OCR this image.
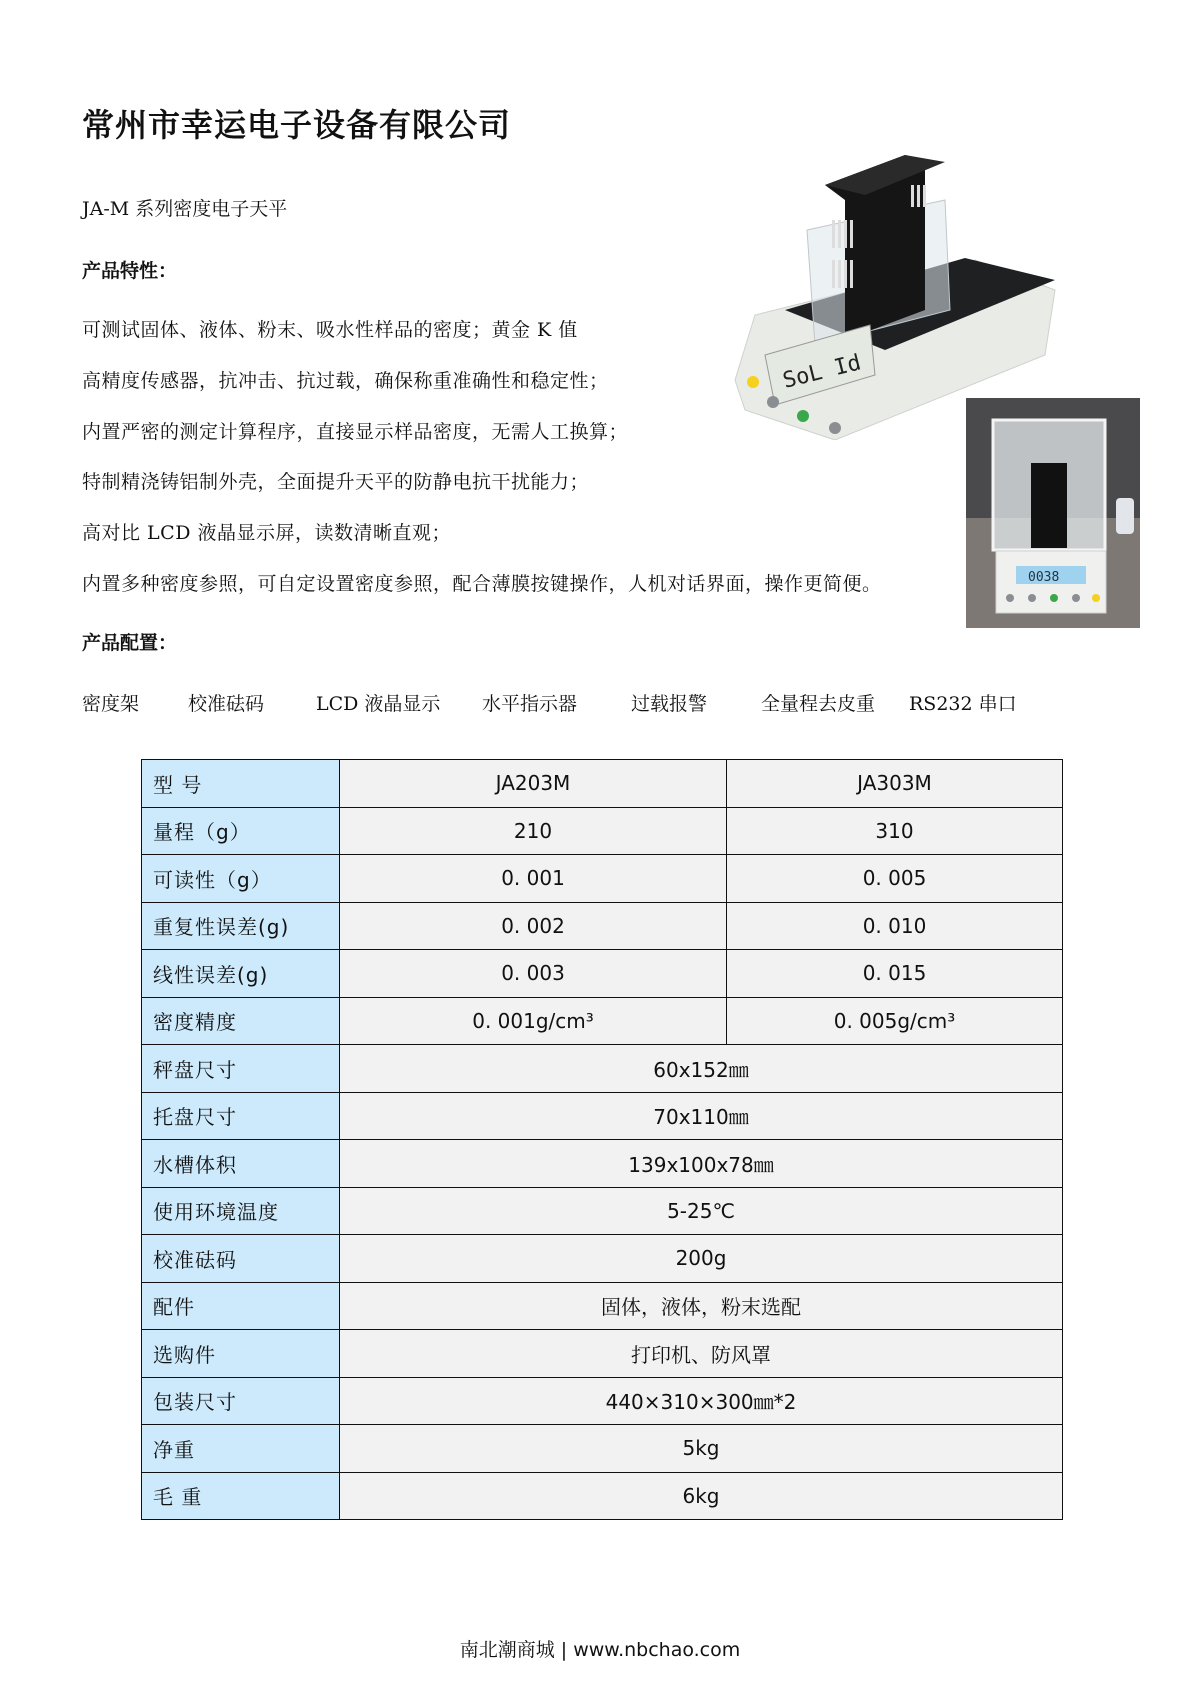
常州市幸运电子设备有限公司
JA-M 系列密度电子天平
产品特性：
可测试固体、液体、粉末、吸水性样品的密度；黄金 K 值
高精度传感器，抗冲击、抗过载，确保称重准确性和稳定性；
内置严密的测定计算程序，直接显示样品密度，无需人工换算；
特制精浇铸铝制外壳，全面提升天平的防静电抗干扰能力；
高对比 LCD 液晶显示屏，读数清晰直观；
内置多种密度参照，可自定设置密度参照，配合薄膜按键操作，人机对话界面，操作更简便。
产品配置：
密度架	校准砝码	LCD 液晶显示	水平指示器	过载报警	全量程去皮重	RS232 串口
SoL Id
0038
型 号	JA203M	JA303M
量程（g）	210	310
可读性（g）	0. 001	0. 005
重复性误差(g)	0. 002	0. 010
线性误差(g)	0. 003	0. 015
密度精度	0. 001g/cm³	0. 005g/cm³
秤盘尺寸	60x152㎜	
托盘尺寸	70x110㎜	
水槽体积	139x100x78㎜	
使用环境温度	5-25℃	
校准砝码	200g	
配件	固体，液体，粉末选配	
选购件	打印机、防风罩	
包装尺寸	440×310×300㎜*2	
净重	5kg	
毛 重	6kg	
南北潮商城 | www.nbchao.com
